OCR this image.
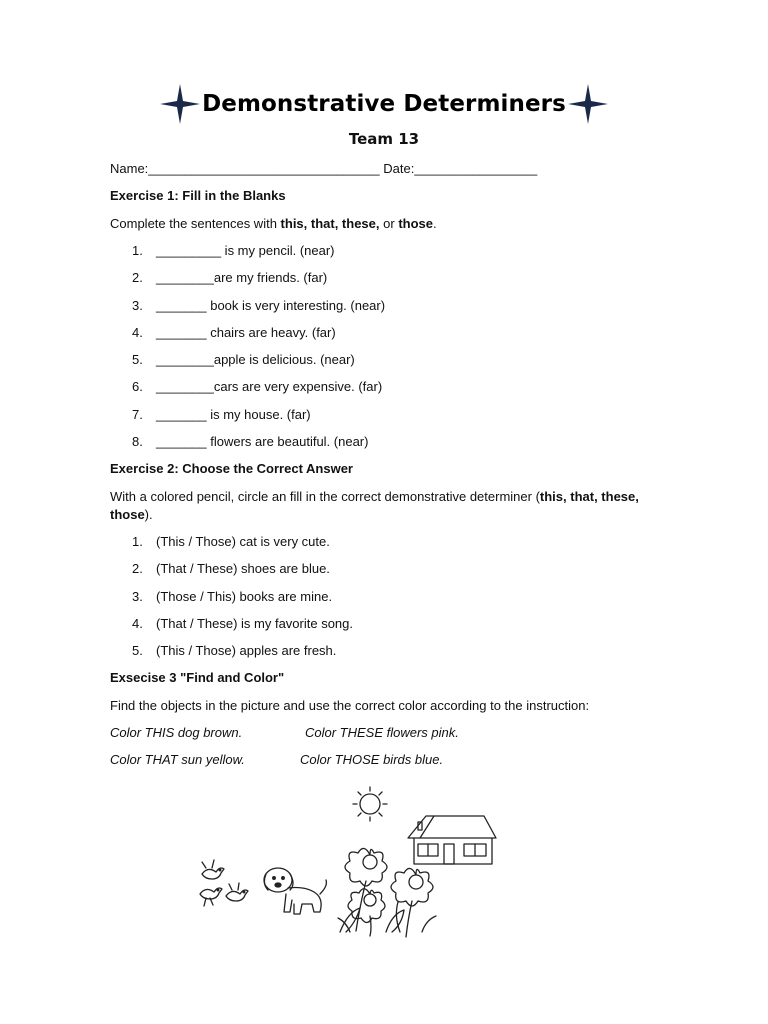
Demonstrative Determiners
Team 13
Name:________________________________ Date:_________________
Exercise 1: Fill in the Blanks
Complete the sentences with this, that, these, or those.
1. _________ is my pencil. (near)
2. ________are my friends. (far)
3. _______ book is very interesting. (near)
4. _______ chairs are heavy. (far)
5. ________apple is delicious. (near)
6. ________cars are very expensive. (far)
7. _______ is my house. (far)
8. _______ flowers are beautiful. (near)
Exercise 2: Choose the Correct Answer
With a colored pencil, circle an fill in the correct demonstrative determiner (this, that, these, those).
1. (This / Those) cat is very cute.
2. (That / These) shoes are blue.
3. (Those / This) books are mine.
4. (That / These) is my favorite song.
5. (This / Those) apples are fresh.
Exsecise 3 "Find and Color"
Find the objects in the picture and use the correct color according to the instruction:
Color THIS dog brown.	Color THESE flowers pink.
Color THAT sun yellow.	Color THOSE birds blue.
